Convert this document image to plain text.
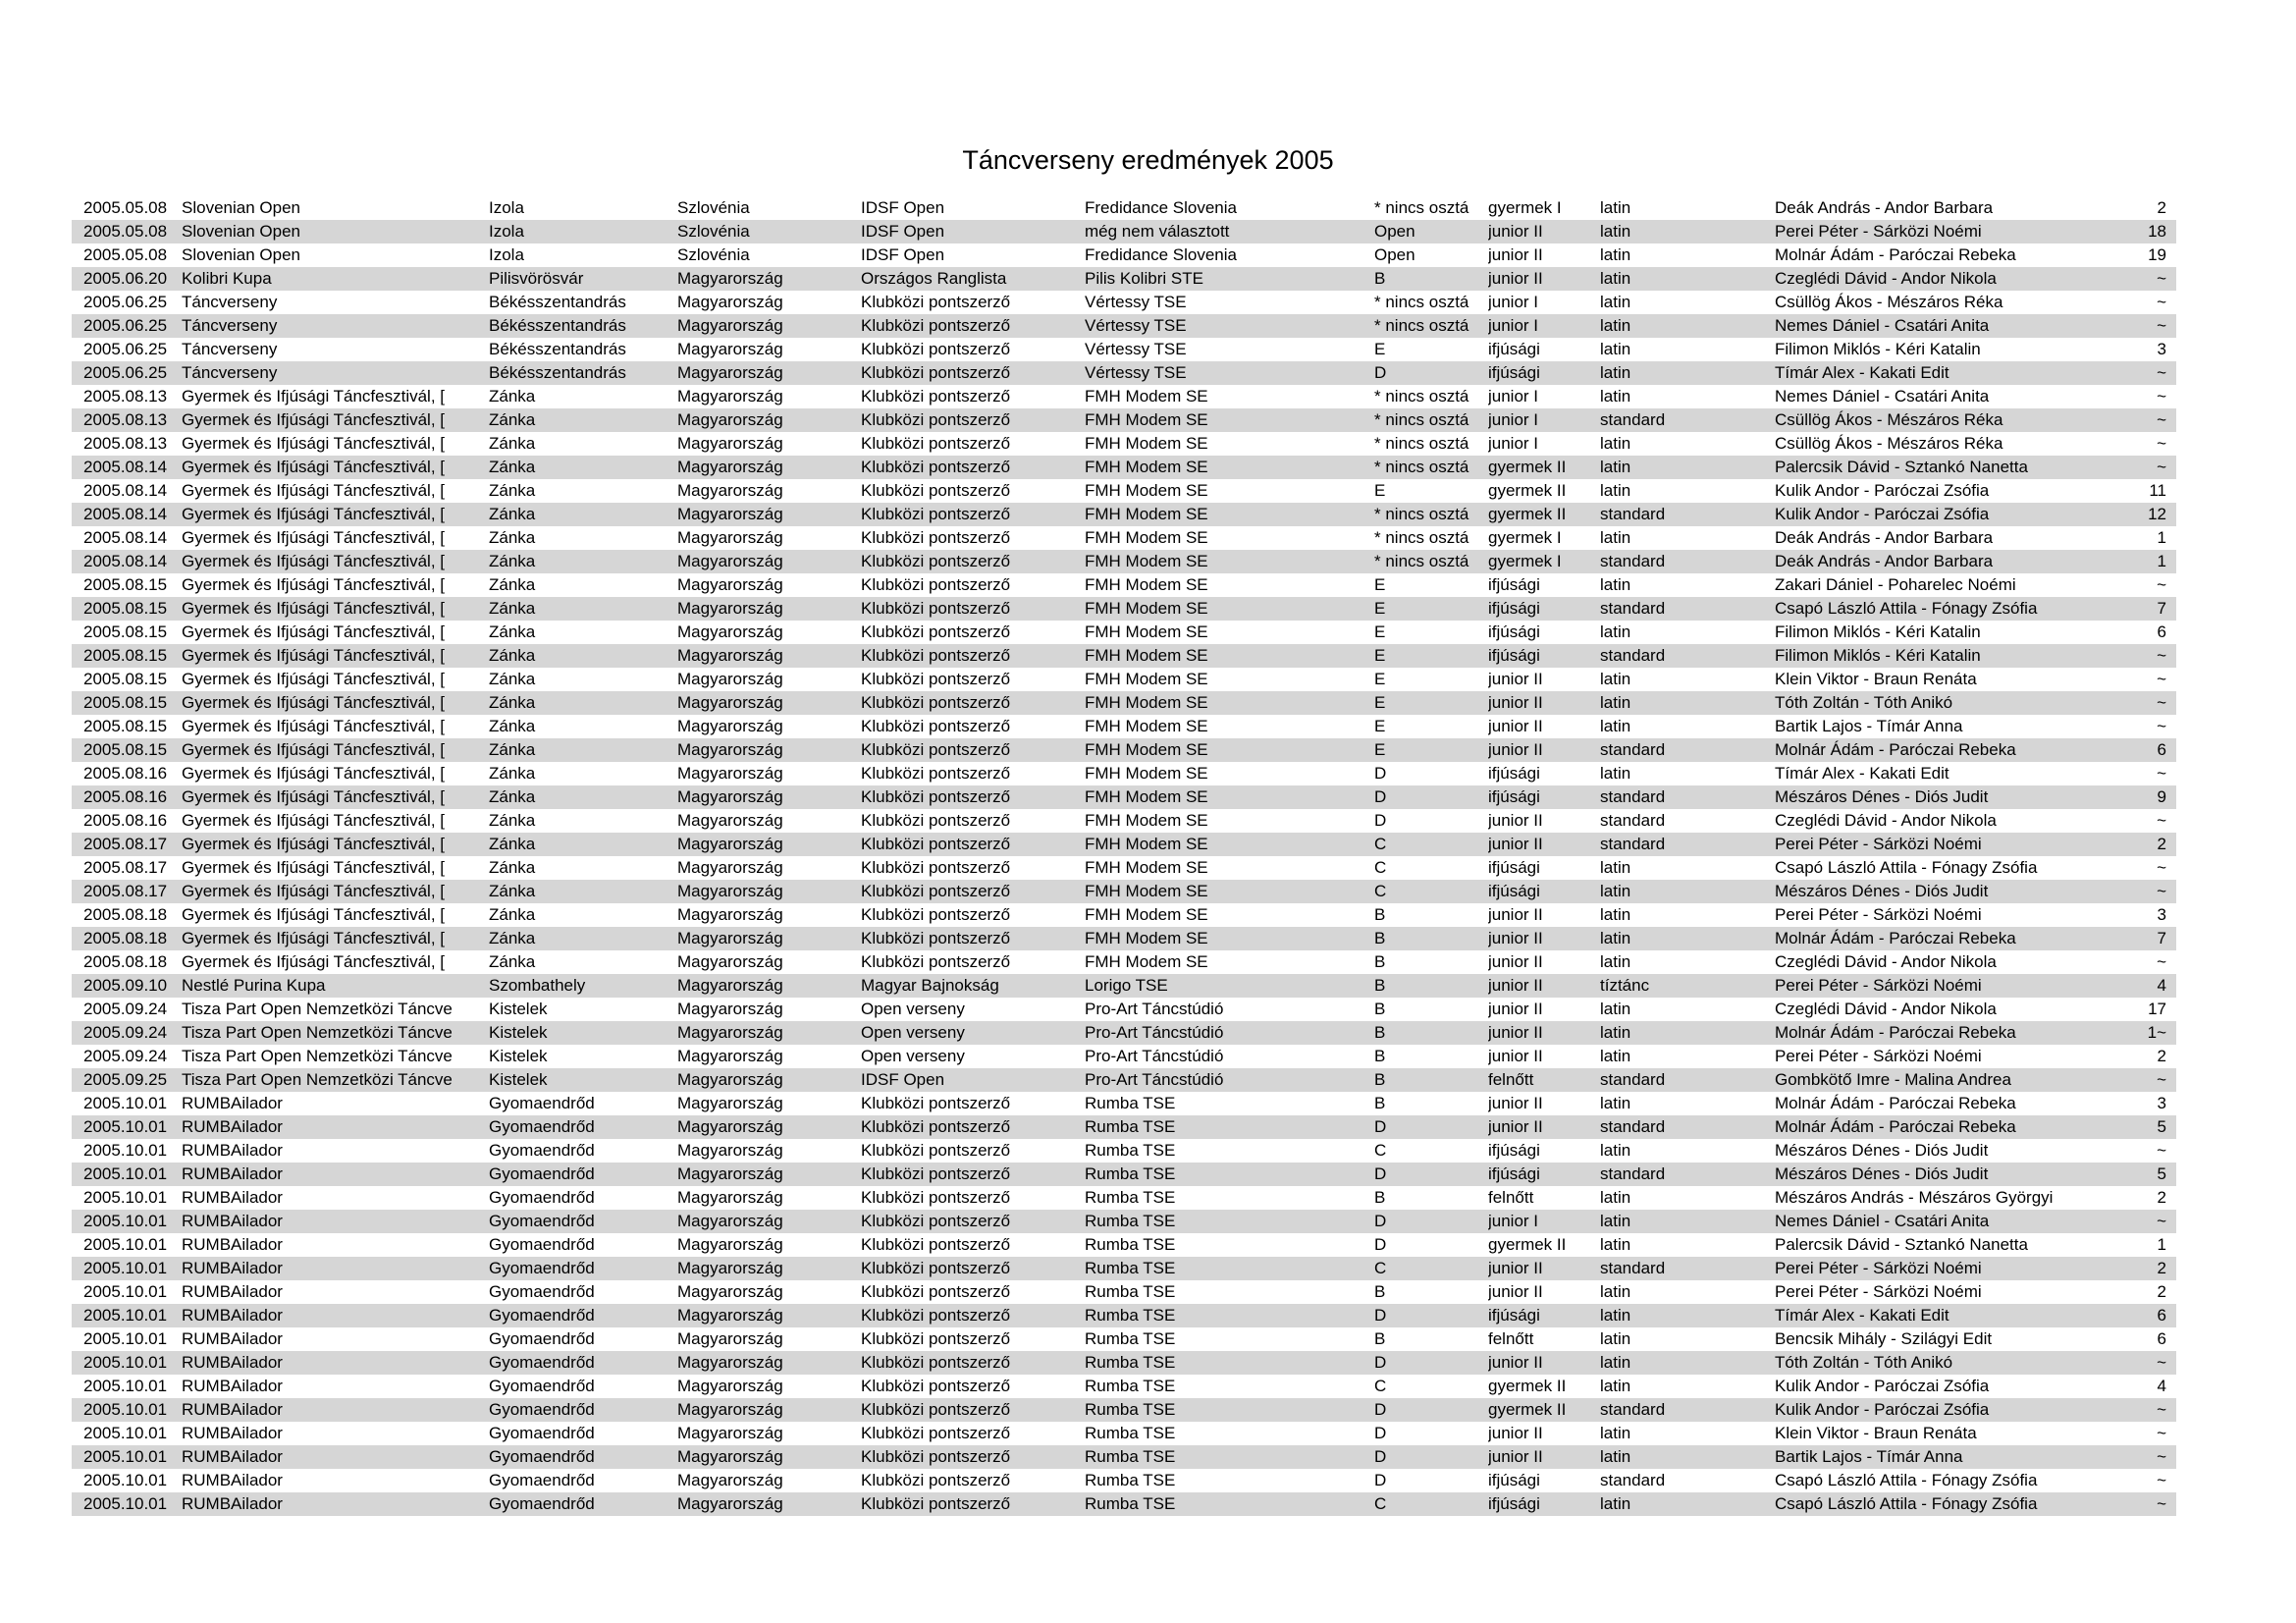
Táncverseny eredmények 2005
2005.05.08 Slovenian Open	Izola	Szlovénia	IDSF Open	Fredidance Slovenia	* nincs osztá	gyermek I	latin	Deák András - Andor Barbara	2
2005.05.08 Slovenian Open	Izola	Szlovénia	IDSF Open	még nem választott	Open	junior II	latin	Perei Péter - Sárközi Noémi	18
2005.05.08 Slovenian Open	Izola	Szlovénia	IDSF Open	Fredidance Slovenia	Open	junior II	latin	Molnár Ádám - Paróczai Rebeka	19
2005.06.20 Kolibri Kupa	Pilisvörösvár	Magyarország	Országos Ranglista	Pilis Kolibri STE	B	junior II	latin	Czeglédi Dávid - Andor Nikola	~
2005.06.25 Táncverseny	Békésszentandrás	Magyarország	Klubközi pontszerző	Vértessy TSE	* nincs osztá	junior I	latin	Csüllög Ákos - Mészáros Réka	~
2005.06.25 Táncverseny	Békésszentandrás	Magyarország	Klubközi pontszerző	Vértessy TSE	* nincs osztá	junior I	latin	Nemes Dániel - Csatári Anita	~
2005.06.25 Táncverseny	Békésszentandrás	Magyarország	Klubközi pontszerző	Vértessy TSE	E	ifjúsági	latin	Filimon Miklós - Kéri Katalin	3
2005.06.25 Táncverseny	Békésszentandrás	Magyarország	Klubközi pontszerző	Vértessy TSE	D	ifjúsági	latin	Tímár Alex - Kakati Edit	~
2005.08.13 Gyermek és Ifjúsági Táncfesztivál, [	Zánka	Magyarország	Klubközi pontszerző	FMH Modem SE	* nincs osztá	junior I	latin	Nemes Dániel - Csatári Anita	~
2005.08.13 Gyermek és Ifjúsági Táncfesztivál, [	Zánka	Magyarország	Klubközi pontszerző	FMH Modem SE	* nincs osztá	junior I	standard	Csüllög Ákos - Mészáros Réka	~
2005.08.13 Gyermek és Ifjúsági Táncfesztivál, [	Zánka	Magyarország	Klubközi pontszerző	FMH Modem SE	* nincs osztá	junior I	latin	Csüllög Ákos - Mészáros Réka	~
2005.08.14 Gyermek és Ifjúsági Táncfesztivál, [	Zánka	Magyarország	Klubközi pontszerző	FMH Modem SE	* nincs osztá	gyermek II	latin	Palercsik Dávid - Sztankó Nanetta	~
2005.08.14 Gyermek és Ifjúsági Táncfesztivál, [	Zánka	Magyarország	Klubközi pontszerző	FMH Modem SE	E	gyermek II	latin	Kulik Andor - Paróczai Zsófia	11
2005.08.14 Gyermek és Ifjúsági Táncfesztivál, [	Zánka	Magyarország	Klubközi pontszerző	FMH Modem SE	* nincs osztá	gyermek II	standard	Kulik Andor - Paróczai Zsófia	12
2005.08.14 Gyermek és Ifjúsági Táncfesztivál, [	Zánka	Magyarország	Klubközi pontszerző	FMH Modem SE	* nincs osztá	gyermek I	latin	Deák András - Andor Barbara	1
2005.08.14 Gyermek és Ifjúsági Táncfesztivál, [	Zánka	Magyarország	Klubközi pontszerző	FMH Modem SE	* nincs osztá	gyermek I	standard	Deák András - Andor Barbara	1
2005.08.15 Gyermek és Ifjúsági Táncfesztivál, [	Zánka	Magyarország	Klubközi pontszerző	FMH Modem SE	E	ifjúsági	latin	Zakari Dániel - Poharelec Noémi	~
2005.08.15 Gyermek és Ifjúsági Táncfesztivál, [	Zánka	Magyarország	Klubközi pontszerző	FMH Modem SE	E	ifjúsági	standard	Csapó László Attila - Fónagy Zsófia	7
2005.08.15 Gyermek és Ifjúsági Táncfesztivál, [	Zánka	Magyarország	Klubközi pontszerző	FMH Modem SE	E	ifjúsági	latin	Filimon Miklós - Kéri Katalin	6
2005.08.15 Gyermek és Ifjúsági Táncfesztivál, [	Zánka	Magyarország	Klubközi pontszerző	FMH Modem SE	E	ifjúsági	standard	Filimon Miklós - Kéri Katalin	~
2005.08.15 Gyermek és Ifjúsági Táncfesztivál, [	Zánka	Magyarország	Klubközi pontszerző	FMH Modem SE	E	junior II	latin	Klein Viktor - Braun Renáta	~
2005.08.15 Gyermek és Ifjúsági Táncfesztivál, [	Zánka	Magyarország	Klubközi pontszerző	FMH Modem SE	E	junior II	latin	Tóth Zoltán - Tóth Anikó	~
2005.08.15 Gyermek és Ifjúsági Táncfesztivál, [	Zánka	Magyarország	Klubközi pontszerző	FMH Modem SE	E	junior II	latin	Bartik Lajos - Tímár Anna	~
2005.08.15 Gyermek és Ifjúsági Táncfesztivál, [	Zánka	Magyarország	Klubközi pontszerző	FMH Modem SE	E	junior II	standard	Molnár Ádám - Paróczai Rebeka	6
2005.08.16 Gyermek és Ifjúsági Táncfesztivál, [	Zánka	Magyarország	Klubközi pontszerző	FMH Modem SE	D	ifjúsági	latin	Tímár Alex - Kakati Edit	~
2005.08.16 Gyermek és Ifjúsági Táncfesztivál, [	Zánka	Magyarország	Klubközi pontszerző	FMH Modem SE	D	ifjúsági	standard	Mészáros Dénes - Diós Judit	9
2005.08.16 Gyermek és Ifjúsági Táncfesztivál, [	Zánka	Magyarország	Klubközi pontszerző	FMH Modem SE	D	junior II	standard	Czeglédi Dávid - Andor Nikola	~
2005.08.17 Gyermek és Ifjúsági Táncfesztivál, [	Zánka	Magyarország	Klubközi pontszerző	FMH Modem SE	C	junior II	standard	Perei Péter - Sárközi Noémi	2
2005.08.17 Gyermek és Ifjúsági Táncfesztivál, [	Zánka	Magyarország	Klubközi pontszerző	FMH Modem SE	C	ifjúsági	latin	Csapó László Attila - Fónagy Zsófia	~
2005.08.17 Gyermek és Ifjúsági Táncfesztivál, [	Zánka	Magyarország	Klubközi pontszerző	FMH Modem SE	C	ifjúsági	latin	Mészáros Dénes - Diós Judit	~
2005.08.18 Gyermek és Ifjúsági Táncfesztivál, [	Zánka	Magyarország	Klubközi pontszerző	FMH Modem SE	B	junior II	latin	Perei Péter - Sárközi Noémi	3
2005.08.18 Gyermek és Ifjúsági Táncfesztivál, [	Zánka	Magyarország	Klubközi pontszerző	FMH Modem SE	B	junior II	latin	Molnár Ádám - Paróczai Rebeka	7
2005.08.18 Gyermek és Ifjúsági Táncfesztivál, [	Zánka	Magyarország	Klubközi pontszerző	FMH Modem SE	B	junior II	latin	Czeglédi Dávid - Andor Nikola	~
2005.09.10 Nestlé Purina Kupa	Szombathely	Magyarország	Magyar Bajnokság	Lorigo TSE	B	junior II	tíztánc	Perei Péter - Sárközi Noémi	4
2005.09.24 Tisza Part Open Nemzetközi Táncve	Kistelek	Magyarország	Open verseny	Pro-Art Táncstúdió	B	junior II	latin	Czeglédi Dávid - Andor Nikola	17
2005.09.24 Tisza Part Open Nemzetközi Táncve	Kistelek	Magyarország	Open verseny	Pro-Art Táncstúdió	B	junior II	latin	Molnár Ádám - Paróczai Rebeka	1~
2005.09.24 Tisza Part Open Nemzetközi Táncve	Kistelek	Magyarország	Open verseny	Pro-Art Táncstúdió	B	junior II	latin	Perei Péter - Sárközi Noémi	2
2005.09.25 Tisza Part Open Nemzetközi Táncve	Kistelek	Magyarország	IDSF Open	Pro-Art Táncstúdió	B	felnőtt	standard	Gombkötő Imre - Malina Andrea	~
2005.10.01 RUMBAilador	Gyomaendrőd	Magyarország	Klubközi pontszerző	Rumba TSE	B	junior II	latin	Molnár Ádám - Paróczai Rebeka	3
2005.10.01 RUMBAilador	Gyomaendrőd	Magyarország	Klubközi pontszerző	Rumba TSE	D	junior II	standard	Molnár Ádám - Paróczai Rebeka	5
2005.10.01 RUMBAilador	Gyomaendrőd	Magyarország	Klubközi pontszerző	Rumba TSE	C	ifjúsági	latin	Mészáros Dénes - Diós Judit	~
2005.10.01 RUMBAilador	Gyomaendrőd	Magyarország	Klubközi pontszerző	Rumba TSE	D	ifjúsági	standard	Mészáros Dénes - Diós Judit	5
2005.10.01 RUMBAilador	Gyomaendrőd	Magyarország	Klubközi pontszerző	Rumba TSE	B	felnőtt	latin	Mészáros András - Mészáros Györgyi	2
2005.10.01 RUMBAilador	Gyomaendrőd	Magyarország	Klubközi pontszerző	Rumba TSE	D	junior I	latin	Nemes Dániel - Csatári Anita	~
2005.10.01 RUMBAilador	Gyomaendrőd	Magyarország	Klubközi pontszerző	Rumba TSE	D	gyermek II	latin	Palercsik Dávid - Sztankó Nanetta	1
2005.10.01 RUMBAilador	Gyomaendrőd	Magyarország	Klubközi pontszerző	Rumba TSE	C	junior II	standard	Perei Péter - Sárközi Noémi	2
2005.10.01 RUMBAilador	Gyomaendrőd	Magyarország	Klubközi pontszerző	Rumba TSE	B	junior II	latin	Perei Péter - Sárközi Noémi	2
2005.10.01 RUMBAilador	Gyomaendrőd	Magyarország	Klubközi pontszerző	Rumba TSE	D	ifjúsági	latin	Tímár Alex - Kakati Edit	6
2005.10.01 RUMBAilador	Gyomaendrőd	Magyarország	Klubközi pontszerző	Rumba TSE	B	felnőtt	latin	Bencsik Mihály - Szilágyi Edit	6
2005.10.01 RUMBAilador	Gyomaendrőd	Magyarország	Klubközi pontszerző	Rumba TSE	D	junior II	latin	Tóth Zoltán - Tóth Anikó	~
2005.10.01 RUMBAilador	Gyomaendrőd	Magyarország	Klubközi pontszerző	Rumba TSE	C	gyermek II	latin	Kulik Andor - Paróczai Zsófia	4
2005.10.01 RUMBAilador	Gyomaendrőd	Magyarország	Klubközi pontszerző	Rumba TSE	D	gyermek II	standard	Kulik Andor - Paróczai Zsófia	~
2005.10.01 RUMBAilador	Gyomaendrőd	Magyarország	Klubközi pontszerző	Rumba TSE	D	junior II	latin	Klein Viktor - Braun Renáta	~
2005.10.01 RUMBAilador	Gyomaendrőd	Magyarország	Klubközi pontszerző	Rumba TSE	D	junior II	latin	Bartik Lajos - Tímár Anna	~
2005.10.01 RUMBAilador	Gyomaendrőd	Magyarország	Klubközi pontszerző	Rumba TSE	D	ifjúsági	standard	Csapó László Attila - Fónagy Zsófia	~
2005.10.01 RUMBAilador	Gyomaendrőd	Magyarország	Klubközi pontszerző	Rumba TSE	C	ifjúsági	latin	Csapó László Attila - Fónagy Zsófia	~
